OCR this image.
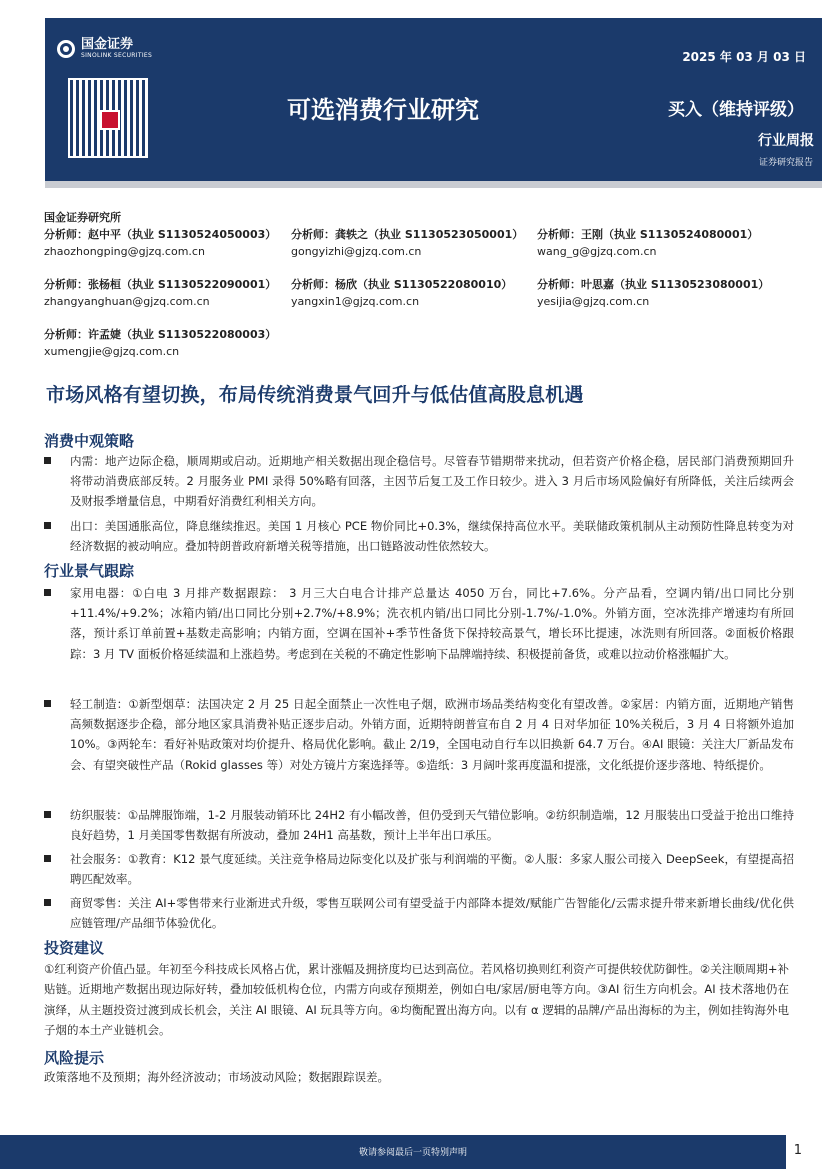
国金证券
SINOLINK SECURITIES
可选消费行业研究
2025 年 03 月 03 日
买入（维持评级）
行业周报
证券研究报告
国金证券研究所
分析师：赵中平（执业 S1130524050003）
zhaozhongping@gjzq.com.cn
分析师：龚轶之（执业 S1130523050001）
gongyizhi@gjzq.com.cn
分析师：王刚（执业 S1130524080001）
wang_g@gjzq.com.cn
分析师：张杨桓（执业 S1130522090001）
zhangyanghuan@gjzq.com.cn
分析师：杨欣（执业 S1130522080010）
yangxin1@gjzq.com.cn
分析师：叶思嘉（执业 S1130523080001）
yesijia@gjzq.com.cn
分析师：许孟婕（执业 S1130522080003）
xumengjie@gjzq.com.cn
市场风格有望切换，布局传统消费景气回升与低估值高股息机遇
消费中观策略
内需：地产边际企稳，顺周期或启动。近期地产相关数据出现企稳信号。尽管春节错期带来扰动，但若资产价格企稳，居民部门消费预期回升将带动消费底部反转。2 月服务业 PMI 录得 50%略有回落，主因节后复工及工作日较少。进入 3 月后市场风险偏好有所降低，关注后续两会及财报季增量信息，中期看好消费红利相关方向。
出口：美国通胀高位，降息继续推迟。美国 1 月核心 PCE 物价同比+0.3%，继续保持高位水平。美联储政策机制从主动预防性降息转变为对经济数据的被动响应。叠加特朗普政府新增关税等措施，出口链路波动性依然较大。
行业景气跟踪
家用电器：①白电 3 月排产数据跟踪： 3 月三大白电合计排产总量达 4050 万台，同比+7.6%。分产品看，空调内销/出口同比分别+11.4%/+9.2%；冰箱内销/出口同比分别+2.7%/+8.9%；洗衣机内销/出口同比分别-1.7%/-1.0%。外销方面，空冰洗排产增速均有所回落，预计系订单前置+基数走高影响；内销方面，空调在国补+季节性备货下保持较高景气，增长环比提速，冰洗则有所回落。②面板价格跟踪：3 月 TV 面板价格延续温和上涨趋势。考虑到在关税的不确定性影响下品牌端持续、积极提前备货，或难以拉动价格涨幅扩大。
轻工制造：①新型烟草：法国决定 2 月 25 日起全面禁止一次性电子烟，欧洲市场品类结构变化有望改善。②家居：内销方面，近期地产销售高频数据逐步企稳，部分地区家具消费补贴正逐步启动。外销方面，近期特朗普宣布自 2 月 4 日对华加征 10%关税后，3 月 4 日将额外追加 10%。③两轮车：看好补贴政策对均价提升、格局优化影响。截止 2/19，全国电动自行车以旧换新 64.7 万台。④AI 眼镜：关注大厂新品发布会、有望突破性产品（Rokid glasses 等）对处方镜片方案选择等。⑤造纸：3 月阔叶浆再度温和提涨，文化纸提价逐步落地、特纸提价。
纺织服装：①品牌服饰端，1-2 月服装动销环比 24H2 有小幅改善，但仍受到天气错位影响。②纺织制造端，12 月服装出口受益于抢出口维持良好趋势，1 月美国零售数据有所波动，叠加 24H1 高基数，预计上半年出口承压。
社会服务：①教育：K12 景气度延续。关注竞争格局边际变化以及扩张与利润端的平衡。②人服：多家人服公司接入 DeepSeek，有望提高招聘匹配效率。
商贸零售：关注 AI+零售带来行业渐进式升级，零售互联网公司有望受益于内部降本提效/赋能广告智能化/云需求提升带来新增长曲线/优化供应链管理/产品细节体验优化。
投资建议
①红利资产价值凸显。年初至今科技成长风格占优，累计涨幅及拥挤度均已达到高位。若风格切换则红利资产可提供较优防御性。②关注顺周期+补贴链。近期地产数据出现边际好转，叠加较低机构仓位，内需方向或存预期差，例如白电/家居/厨电等方向。③AI 衍生方向机会。AI 技术落地仍在演绎，从主题投资过渡到成长机会，关注 AI 眼镜、AI 玩具等方向。④均衡配置出海方向。以有 α 逻辑的品牌/产品出海标的为主，例如挂钩海外电子烟的本土产业链机会。
风险提示
政策落地不及预期；海外经济波动；市场波动风险；数据跟踪误差。
敬请参阅最后一页特别声明	1
